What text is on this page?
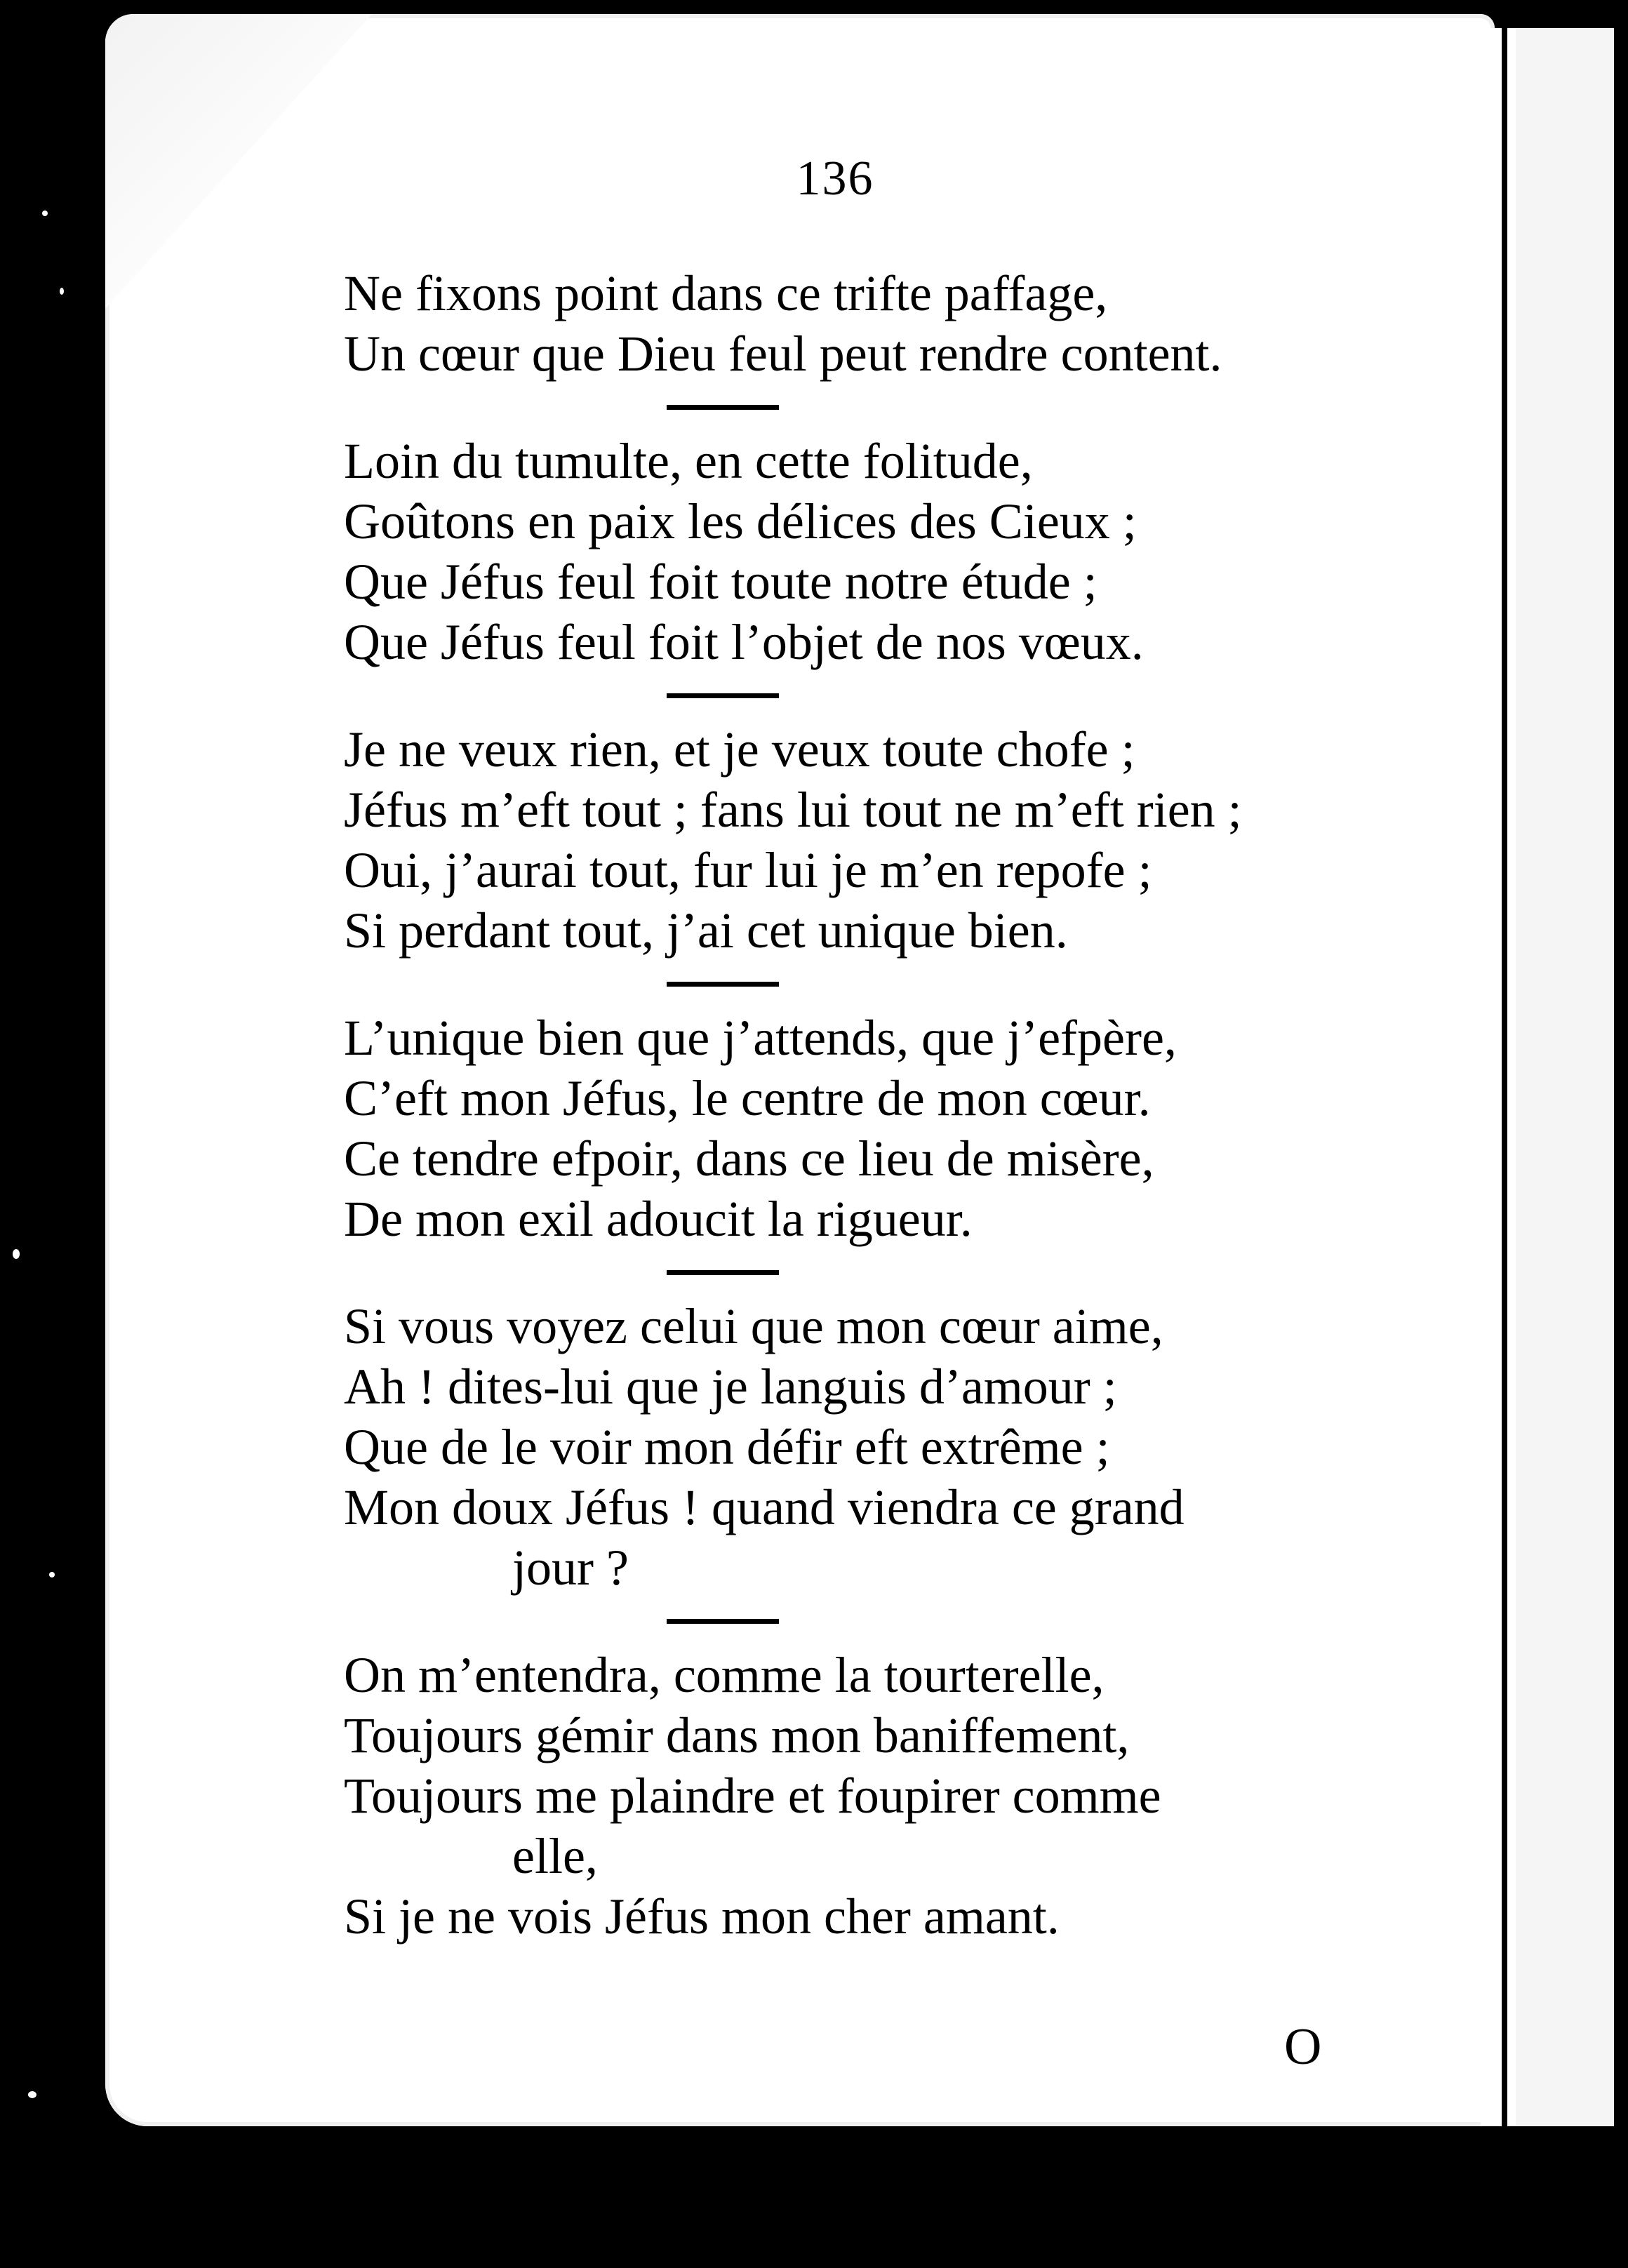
136
Ne fixons point dans ce trifte paffage,
Un cœur que Dieu feul peut rendre content.
Loin du tumulte, en cette folitude,
Goûtons en paix les délices des Cieux ;
Que Jéfus feul foit toute notre étude ;
Que Jéfus feul foit l’objet de nos vœux.
Je ne veux rien, et je veux toute chofe ;
Jéfus m’eft tout ; fans lui tout ne m’eft rien ;
Oui, j’aurai tout, fur lui je m’en repofe ;
Si perdant tout, j’ai cet unique bien.
L’unique bien que j’attends, que j’efpère,
C’eft mon Jéfus, le centre de mon cœur.
Ce tendre efpoir, dans ce lieu de misère,
De mon exil adoucit la rigueur.
Si vous voyez celui que mon cœur aime,
Ah ! dites-lui que je languis d’amour ;
Que de le voir mon défir eft extrême ;
Mon doux Jéfus ! quand viendra ce grand
jour ?
On m’entendra, comme la tourterelle,
Toujours gémir dans mon baniffement,
Toujours me plaindre et foupirer comme
elle,
Si je ne vois Jéfus mon cher amant.
O
